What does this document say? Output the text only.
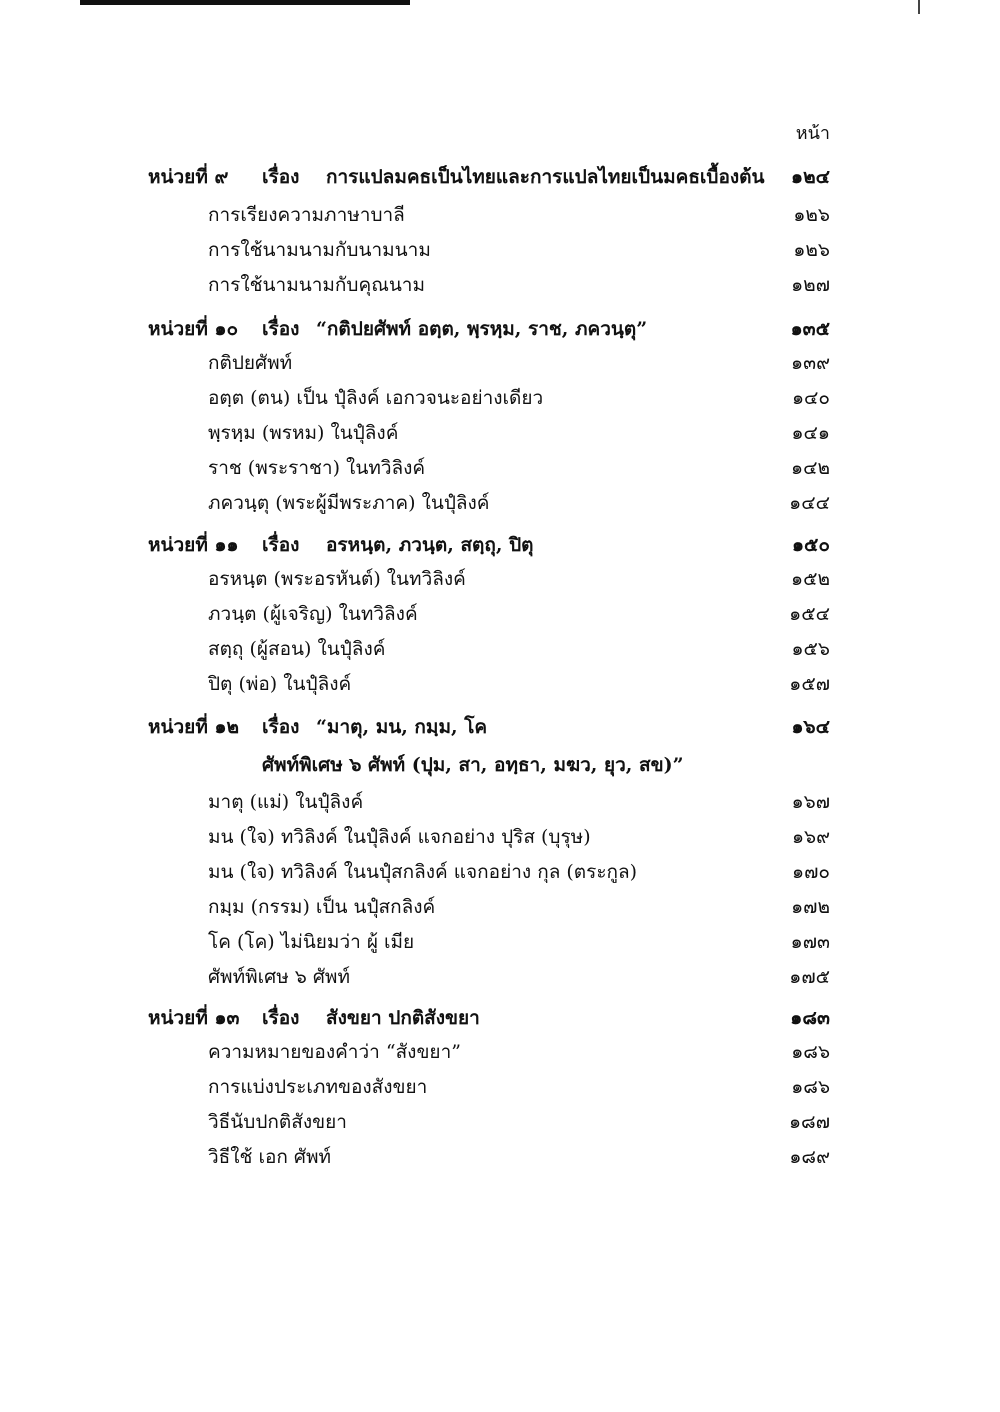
หน้า
หน่วยที่ ๙ เรื่อง การแปลมคธเป็นไทยและการแปลไทยเป็นมคธเบื้องต้น	๑๒๔
การเรียงความภาษาบาลี	๑๒๖
การใช้นามนามกับนามนาม	๑๒๖
การใช้นามนามกับคุณนาม	๑๒๗
หน่วยที่ ๑๐ เรื่อง “กติปยศัพท์ อตฺต, พฺรหฺม, ราช, ภควนฺตุ”	๑๓๕
กติปยศัพท์	๑๓๙
อตฺต (ตน) เป็น ปุํลิงค์ เอกวจนะอย่างเดียว	๑๔๐
พฺรหฺม (พรหม) ในปุํลิงค์	๑๔๑
ราช (พระราชา) ในทวิลิงค์	๑๔๒
ภควนฺตุ (พระผู้มีพระภาค) ในปุํลิงค์	๑๔๔
หน่วยที่ ๑๑ เรื่อง อรหนฺต, ภวนฺต, สตฺถุ, ปิตุ	๑๕๐
อรหนฺต (พระอรหันต์) ในทวิลิงค์	๑๕๒
ภวนฺต (ผู้เจริญ) ในทวิลิงค์	๑๕๔
สตฺถุ (ผู้สอน) ในปุํลิงค์	๑๕๖
ปิตุ (พ่อ) ในปุํลิงค์	๑๕๗
หน่วยที่ ๑๒ เรื่อง “มาตุ, มน, กมฺม, โค	๑๖๔
ศัพท์พิเศษ ๖ ศัพท์ (ปุม, สา, อทฺธา, มฆว, ยุว, สข)”
มาตุ (แม่) ในปุํลิงค์	๑๖๗
มน (ใจ) ทวิลิงค์ ในปุํลิงค์ แจกอย่าง ปุริส (บุรุษ)	๑๖๙
มน (ใจ) ทวิลิงค์ ในนปุํสกลิงค์ แจกอย่าง กุล (ตระกูล)	๑๗๐
กมฺม (กรรม) เป็น นปุํสกลิงค์	๑๗๒
โค (โค) ไม่นิยมว่า ผู้ เมีย	๑๗๓
ศัพท์พิเศษ ๖ ศัพท์	๑๗๕
หน่วยที่ ๑๓ เรื่อง สังขยา ปกติสังขยา	๑๘๓
ความหมายของคำว่า “สังขยา”	๑๘๖
การแบ่งประเภทของสังขยา	๑๘๖
วิธีนับปกติสังขยา	๑๘๗
วิธีใช้ เอก ศัพท์	๑๘๙
